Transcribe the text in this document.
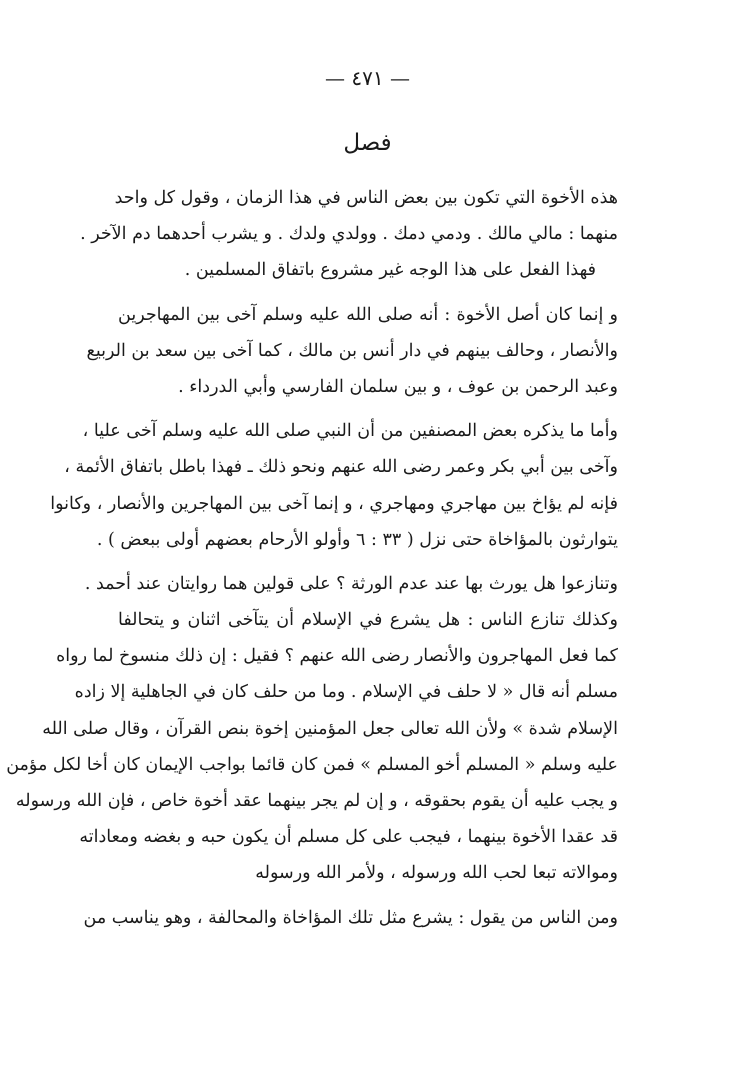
— ٤٧١ —
فصل
هذه الأخوة التي تكون بين بعض الناس في هذا الزمان ، وقول كل واحد
منهما : مالي مالك . ودمي دمك . وولدي ولدك . و يشرب أحدهما دم الآخر .
فهذا الفعل على هذا الوجه غير مشروع باتفاق المسلمين .
و إنما كان أصل الأخوة : أنه صلى الله عليه وسلم آخى بين المهاجرين
والأنصار ، وحالف بينهم في دار أنس بن مالك ، كما آخى بين سعد بن الربيع
وعبد الرحمن بن عوف ، و بين سلمان الفارسي وأبي الدرداء .
وأما ما يذكره بعض المصنفين من أن النبي صلى الله عليه وسلم آخى عليا ،
وآخى بين أبي بكر وعمر رضى الله عنهم ونحو ذلك ـ فهذا باطل باتفاق الأئمة ،
فإنه لم يؤاخ بين مهاجري ومهاجري ، و إنما آخى بين المهاجرين والأنصار ، وكانوا
يتوارثون بالمؤاخاة حتى نزل ( ٣٣ : ٦ وأولو الأرحام بعضهم أولى ببعض ) .
وتنازعوا هل يورث بها عند عدم الورثة ؟ على قولين هما روايتان عند أحمد .
وكذلك تنازع الناس : هل يشرع في الإسلام أن يتآخى اثنان و يتحالفا
كما فعل المهاجرون والأنصار رضى الله عنهم ؟ فقيل : إن ذلك منسوخ لما رواه
مسلم أنه قال « لا حلف في الإسلام . وما من حلف كان في الجاهلية إلا زاده
الإسلام شدة » ولأن الله تعالى جعل المؤمنين إخوة بنص القرآن ، وقال صلى الله
عليه وسلم « المسلم أخو المسلم » فمن كان قائما بواجب الإيمان كان أخا لكل مؤمن
و يجب عليه أن يقوم بحقوقه ، و إن لم يجر بينهما عقد أخوة خاص ، فإن الله ورسوله
قد عقدا الأخوة بينهما ، فيجب على كل مسلم أن يكون حبه و بغضه ومعاداته
وموالاته تبعا لحب الله ورسوله ، ولأمر الله ورسوله
ومن الناس من يقول : يشرع مثل تلك المؤاخاة والمحالفة ، وهو يناسب من
